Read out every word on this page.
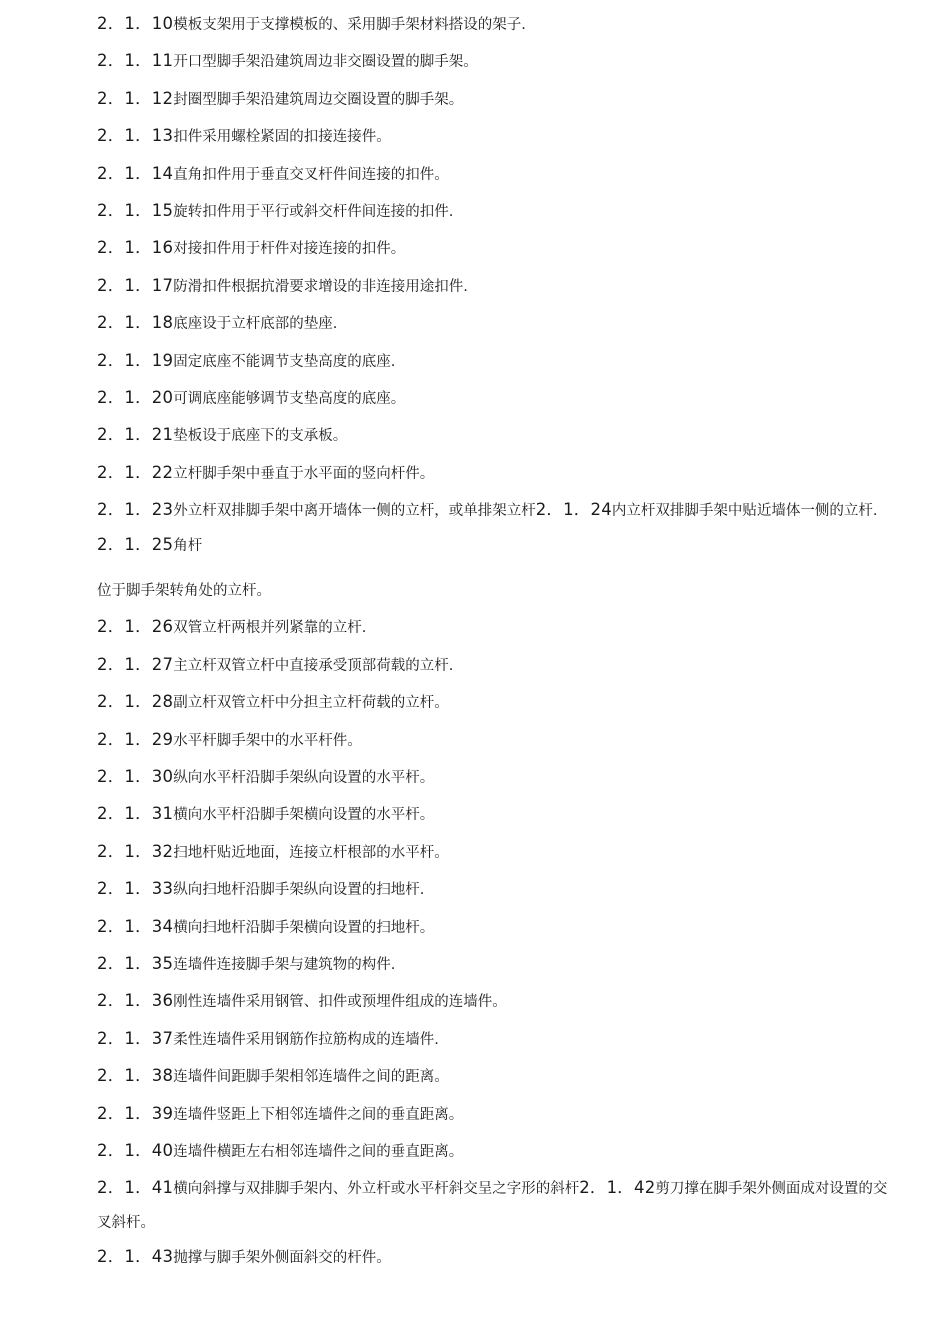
2．1．10模板支架用于支撑模板的、采用脚手架材料搭设的架子.

2．1．11开口型脚手架沿建筑周边非交圈设置的脚手架。

2．1．12封圈型脚手架沿建筑周边交圈设置的脚手架。

2．1．13扣件采用螺栓紧固的扣接连接件。

2．1．14直角扣件用于垂直交叉杆件间连接的扣件。

2．1．15旋转扣件用于平行或斜交杆件间连接的扣件.

2．1．16对接扣件用于杆件对接连接的扣件。

2．1．17防滑扣件根据抗滑要求增设的非连接用途扣件.

2．1．18底座设于立杆底部的垫座.

2．1．19固定底座不能调节支垫高度的底座.

2．1．20可调底座能够调节支垫高度的底座。

2．1．21垫板设于底座下的支承板。

2．1．22立杆脚手架中垂直于水平面的竖向杆件。

2．1．23外立杆双排脚手架中离开墙体一侧的立杆，或单排架立杆2．1．24内立杆双排脚手架中贴近墙体一侧的立杆.

2．1．25角杆

位于脚手架转角处的立杆。

2．1．26双管立杆两根并列紧靠的立杆.

2．1．27主立杆双管立杆中直接承受顶部荷载的立杆.

2．1．28副立杆双管立杆中分担主立杆荷载的立杆。

2．1．29水平杆脚手架中的水平杆件。

2．1．30纵向水平杆沿脚手架纵向设置的水平杆。

2．1．31横向水平杆沿脚手架横向设置的水平杆。

2．1．32扫地杆贴近地面，连接立杆根部的水平杆。

2．1．33纵向扫地杆沿脚手架纵向设置的扫地杆.

2．1．34横向扫地杆沿脚手架横向设置的扫地杆。

2．1．35连墙件连接脚手架与建筑物的构件.

2．1．36刚性连墙件采用钢管、扣件或预埋件组成的连墙件。

2．1．37柔性连墙件采用钢筋作拉筋构成的连墙件.

2．1．38连墙件间距脚手架相邻连墙件之间的距离。

2．1．39连墙件竖距上下相邻连墙件之间的垂直距离。

2．1．40连墙件横距左右相邻连墙件之间的垂直距离。

2．1．41横向斜撑与双排脚手架内、外立杆或水平杆斜交呈之字形的斜杆2．1．42剪刀撑在脚手架外侧面成对设置的交叉斜杆。

2．1．43抛撑与脚手架外侧面斜交的杆件。
